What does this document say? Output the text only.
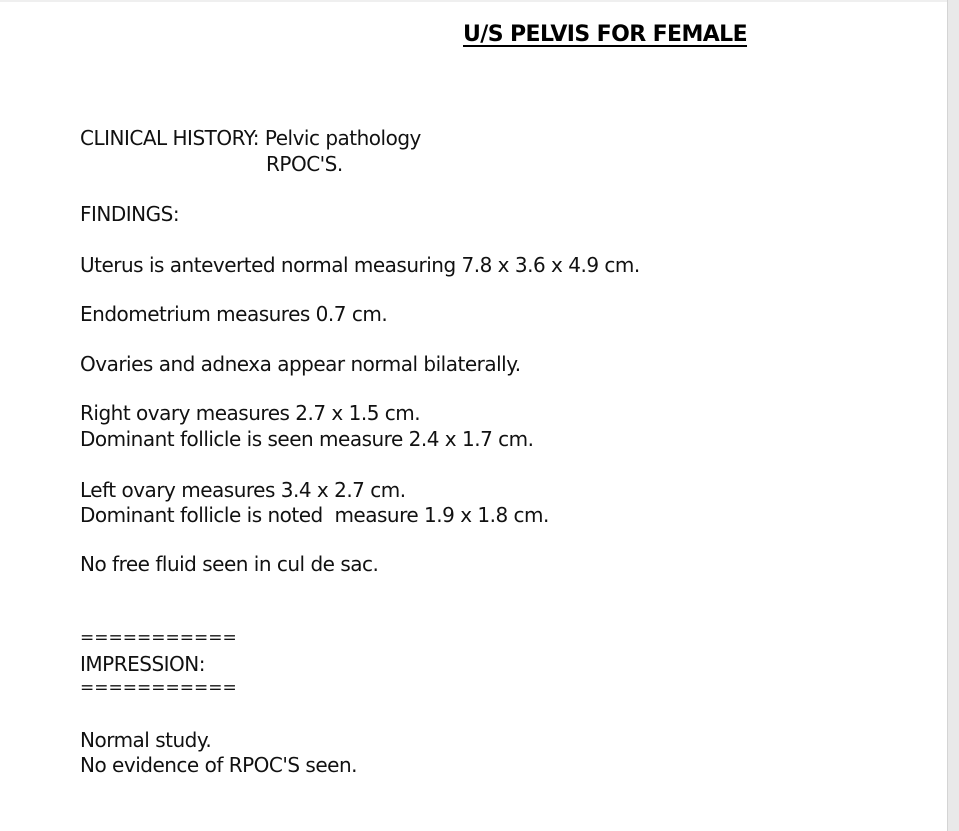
U/S PELVIS FOR FEMALE
CLINICAL HISTORY: Pelvic pathology
RPOC'S.
FINDINGS:
Uterus is anteverted normal measuring 7.8 x 3.6 x 4.9 cm.
Endometrium measures 0.7 cm.
Ovaries and adnexa appear normal bilaterally.
Right ovary measures 2.7 x 1.5 cm.
Dominant follicle is seen measure 2.4 x 1.7 cm.
Left ovary measures 3.4 x 2.7 cm.
Dominant follicle is noted  measure 1.9 x 1.8 cm.
No free fluid seen in cul de sac.
===========
IMPRESSION:
===========
Normal study.
No evidence of RPOC'S seen.
